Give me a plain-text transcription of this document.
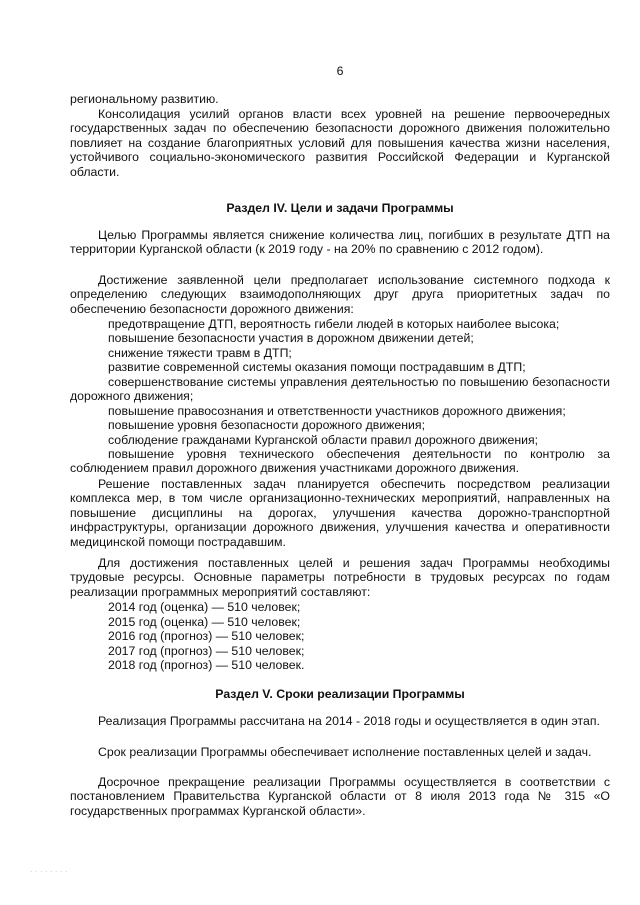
6

региональному развитию.

Консолидация усилий органов власти всех уровней на решение первоочередных государственных задач по обеспечению безопасности дорожного движения положительно повлияет на создание благоприятных условий для повышения качества жизни населения, устойчивого социально-экономического развития Российской Федерации и Курганской области.

Раздел IV. Цели и задачи Программы

Целью Программы является снижение количества лиц, погибших в результате ДТП на территории Курганской области (к 2019 году - на 20% по сравнению с 2012 годом).

Достижение заявленной цели предполагает использование системного подхода к определению следующих взаимодополняющих друг друга приоритетных задач по обеспечению безопасности дорожного движения:

предотвращение ДТП, вероятность гибели людей в которых наиболее высока;

повышение безопасности участия в дорожном движении детей;

снижение тяжести травм в ДТП;

развитие современной системы оказания помощи пострадавшим в ДТП;

совершенствование системы управления деятельностью по повышению безопасности дорожного движения;

повышение правосознания и ответственности участников дорожного движения;

повышение уровня безопасности дорожного движения;

соблюдение гражданами Курганской области правил дорожного движения;

повышение уровня технического обеспечения деятельности по контролю за соблюдением правил дорожного движения участниками дорожного движения.

Решение поставленных задач планируется обеспечить посредством реализации комплекса мер, в том числе организационно-технических мероприятий, направленных на повышение дисциплины на дорогах, улучшения качества дорожно-транспортной инфраструктуры, организации дорожного движения, улучшения качества и оперативности медицинской помощи пострадавшим.

Для достижения поставленных целей и решения задач Программы необходимы трудовые ресурсы. Основные параметры потребности в трудовых ресурсах по годам реализации программных мероприятий составляют:

2014 год (оценка) — 510 человек;

2015 год (оценка) — 510 человек;

2016 год (прогноз) — 510 человек;

2017 год (прогноз) — 510 человек;

2018 год (прогноз) — 510 человек.

Раздел V. Сроки реализации Программы

Реализация Программы рассчитана на 2014 - 2018 годы и осуществляется в один этап.

Срок реализации Программы обеспечивает исполнение поставленных целей и задач.

Досрочное прекращение реализации Программы осуществляется в соответствии с постановлением Правительства Курганской области от 8 июля 2013 года № 315 «О государственных программах Курганской области».

. . . . . . . .
